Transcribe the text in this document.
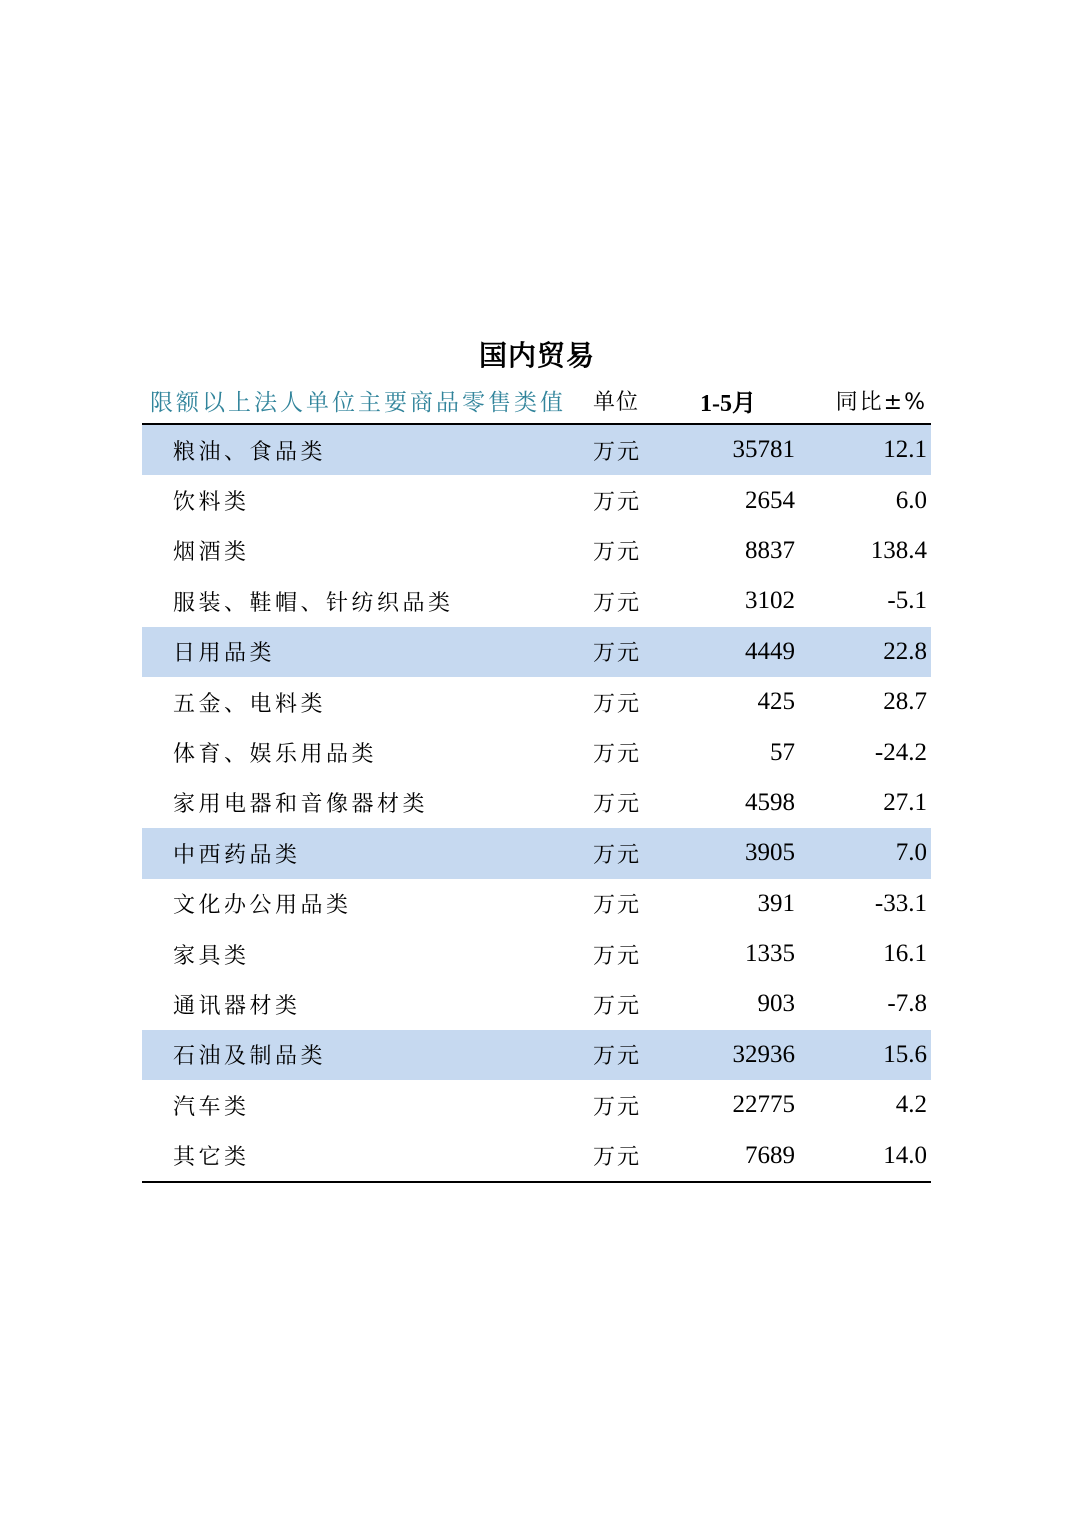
国内贸易
限额以上法人单位主要商品零售类值	单位	1-5月	同比±%
粮油、食品类	万元	35781	12.1
饮料类	万元	2654	6.0
烟酒类	万元	8837	138.4
服装、鞋帽、针纺织品类	万元	3102	-5.1
日用品类	万元	4449	22.8
五金、电料类	万元	425	28.7
体育、娱乐用品类	万元	57	-24.2
家用电器和音像器材类	万元	4598	27.1
中西药品类	万元	3905	7.0
文化办公用品类	万元	391	-33.1
家具类	万元	1335	16.1
通讯器材类	万元	903	-7.8
石油及制品类	万元	32936	15.6
汽车类	万元	22775	4.2
其它类	万元	7689	14.0
